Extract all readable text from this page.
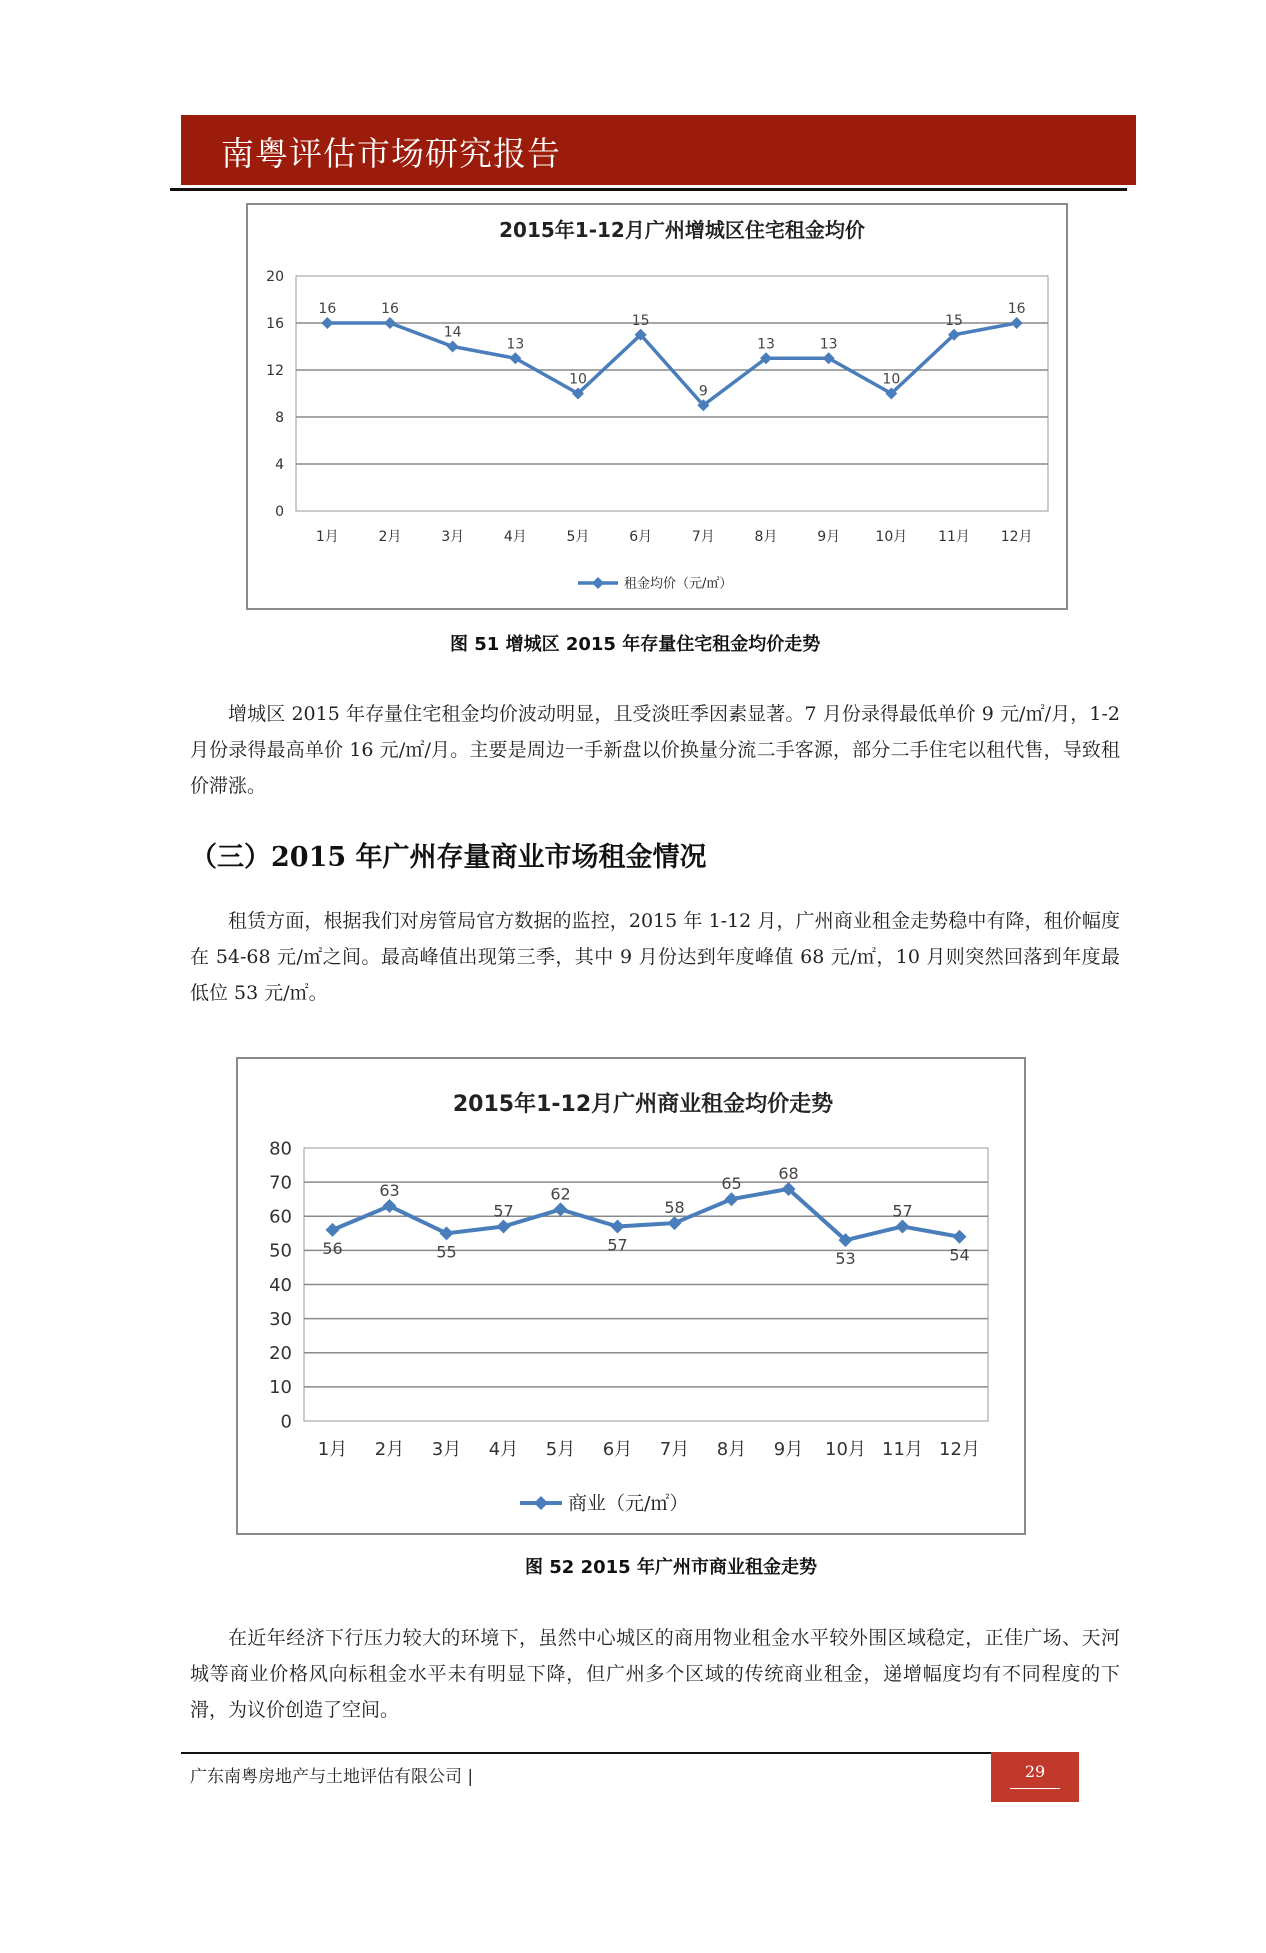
南粤评估市场研究报告
2015年1-12月广州增城区住宅租金均价
0
4
8
12
16
20
1月	2月	3月	4月	5月	6月	7月	8月	9月	10月 11月 12月
16	16
14
13
10
15
9
13	13
10
15
16
租金均价（元/㎡）
图 51 增城区 2015 年存量住宅租金均价走势

增城区 2015 年存量住宅租金均价波动明显，且受淡旺季因素显著。7 月份录得最低单价 9 元/㎡/月，1-2 月份录得最高单价 16 元/㎡/月。主要是周边一手新盘以价换量分流二手客源，部分二手住宅以租代售，导致租价滞涨。

（三）2015 年广州存量商业市场租金情况

租赁方面，根据我们对房管局官方数据的监控，2015 年 1-12 月，广州商业租金走势稳中有降，租价幅度在 54-68 元/㎡之间。最高峰值出现第三季，其中 9 月份达到年度峰值 68 元/㎡，10 月则突然回落到年度最低位 53 元/㎡。

2015年1-12月广州商业租金均价走势
0
10
20
30
40
50
60
70
80
1月 2月 3月 4月 5月 6月 7月 8月 9月 10月 11月 12月
56
63
55
57
62
57
58
65
68
53
57
54
商业（元/㎡）
图 52 2015 年广州市商业租金走势

在近年经济下行压力较大的环境下，虽然中心城区的商用物业租金水平较外围区域稳定，正佳广场、天河城等商业价格风向标租金水平未有明显下降，但广州多个区域的传统商业租金，递增幅度均有不同程度的下滑，为议价创造了空间。

广东南粤房地产与土地评估有限公司 |	29
